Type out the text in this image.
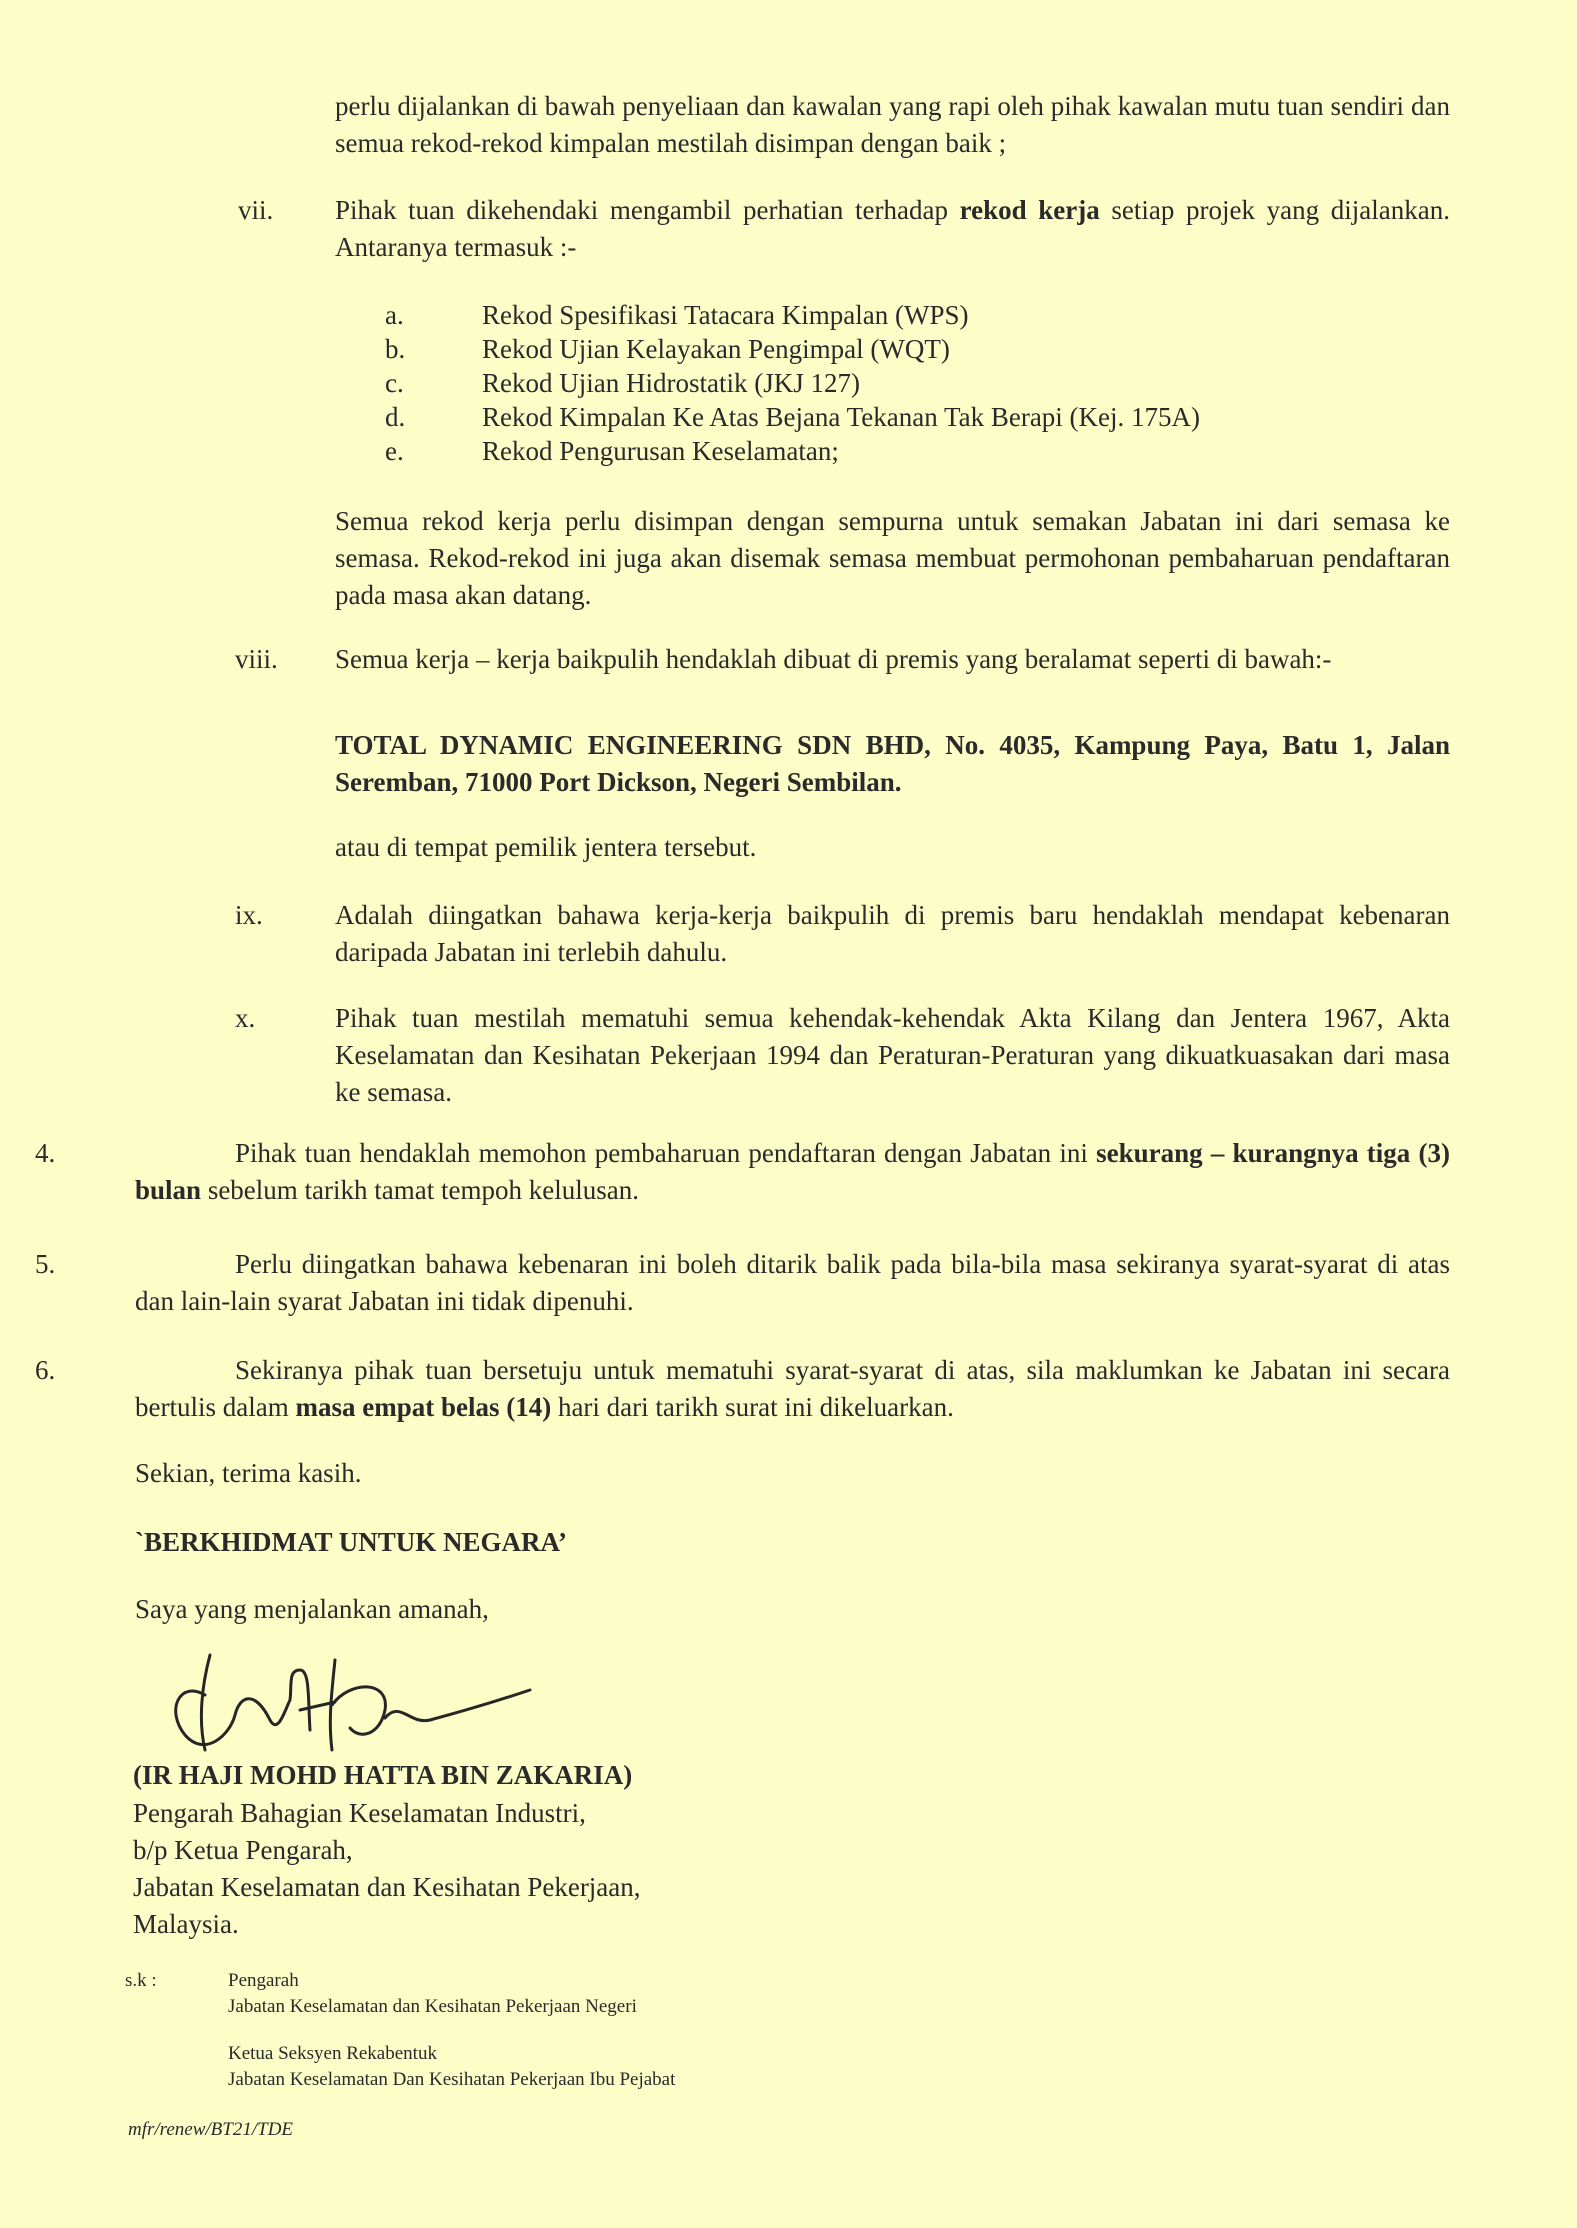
perlu dijalankan di bawah penyeliaan dan kawalan yang rapi oleh pihak kawalan mutu tuan sendiri dan semua rekod-rekod kimpalan mestilah disimpan dengan baik ;
vii. Pihak tuan dikehendaki mengambil perhatian terhadap rekod kerja setiap projek yang dijalankan. Antaranya termasuk :-
a.	Rekod Spesifikasi Tatacara Kimpalan (WPS)
b.	Rekod Ujian Kelayakan Pengimpal (WQT)
c.	Rekod Ujian Hidrostatik (JKJ 127)
d.	Rekod Kimpalan Ke Atas Bejana Tekanan Tak Berapi (Kej. 175A)
e.	Rekod Pengurusan Keselamatan;
Semua rekod kerja perlu disimpan dengan sempurna untuk semakan Jabatan ini dari semasa ke semasa. Rekod-rekod ini juga akan disemak semasa membuat permohonan pembaharuan pendaftaran pada masa akan datang.
viii. Semua kerja – kerja baikpulih hendaklah dibuat di premis yang beralamat seperti di bawah:-
TOTAL DYNAMIC ENGINEERING SDN BHD, No. 4035, Kampung Paya, Batu 1, Jalan Seremban, 71000 Port Dickson, Negeri Sembilan.
atau di tempat pemilik jentera tersebut.
ix.	Adalah diingatkan bahawa kerja-kerja baikpulih di premis baru hendaklah mendapat kebenaran daripada Jabatan ini terlebih dahulu.
x.	Pihak tuan mestilah mematuhi semua kehendak-kehendak Akta Kilang dan Jentera 1967, Akta Keselamatan dan Kesihatan Pekerjaan 1994 dan Peraturan-Peraturan yang dikuatkuasakan dari masa ke semasa.
4.	Pihak tuan hendaklah memohon pembaharuan pendaftaran dengan Jabatan ini sekurang – kurangnya tiga (3) bulan sebelum tarikh tamat tempoh kelulusan.
5.	Perlu diingatkan bahawa kebenaran ini boleh ditarik balik pada bila-bila masa sekiranya syarat-syarat di atas dan lain-lain syarat Jabatan ini tidak dipenuhi.
6.	Sekiranya pihak tuan bersetuju untuk mematuhi syarat-syarat di atas, sila maklumkan ke Jabatan ini secara bertulis dalam masa empat belas (14) hari dari tarikh surat ini dikeluarkan.
Sekian, terima kasih.
`BERKHIDMAT UNTUK NEGARA’
Saya yang menjalankan amanah,
(IR HAJI MOHD HATTA BIN ZAKARIA)
Pengarah Bahagian Keselamatan Industri,
b/p Ketua Pengarah,
Jabatan Keselamatan dan Kesihatan Pekerjaan,
Malaysia.
s.k :	Pengarah
Jabatan Keselamatan dan Kesihatan Pekerjaan Negeri
Ketua Seksyen Rekabentuk
Jabatan Keselamatan Dan Kesihatan Pekerjaan Ibu Pejabat
mfr/renew/BT21/TDE
